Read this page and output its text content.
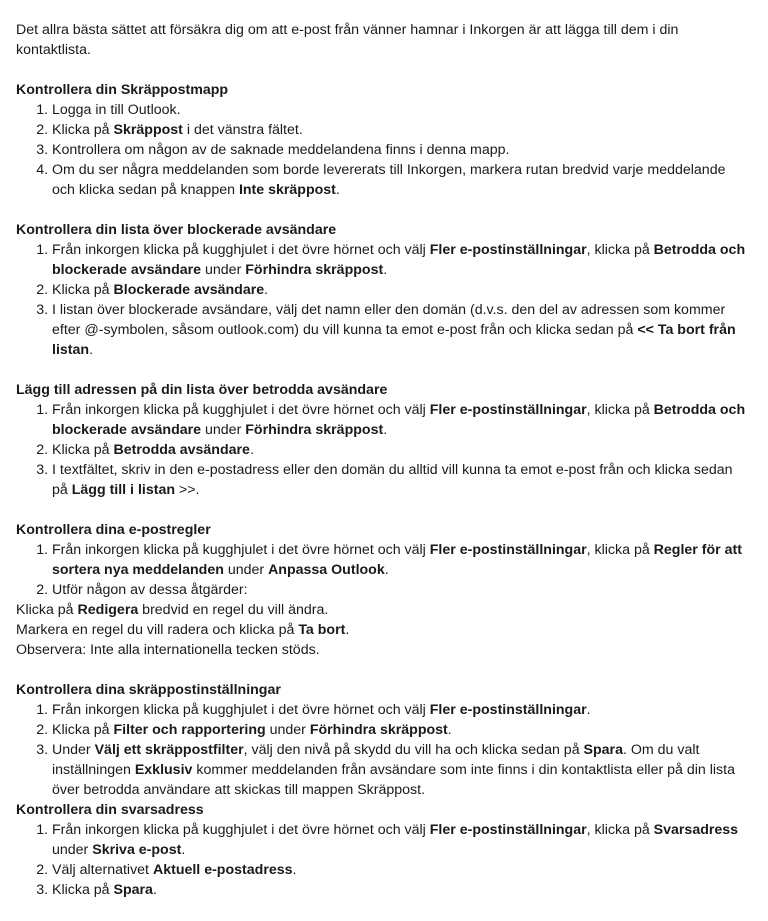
Det allra bästa sättet att försäkra dig om att e-post från vänner hamnar i Inkorgen är att lägga till dem i din kontaktlista.

Kontrollera din Skräppostmapp

1. Logga in till Outlook.
2. Klicka på Skräppost i det vänstra fältet.
3. Kontrollera om någon av de saknade meddelandena finns i denna mapp.
4. Om du ser några meddelanden som borde levererats till Inkorgen, markera rutan bredvid varje meddelande och klicka sedan på knappen Inte skräppost.

Kontrollera din lista över blockerade avsändare

1. Från inkorgen klicka på kugghjulet i det övre hörnet och välj Fler e-postinställningar, klicka på Betrodda och blockerade avsändare under Förhindra skräppost.
2. Klicka på Blockerade avsändare.
3. I listan över blockerade avsändare, välj det namn eller den domän (d.v.s. den del av adressen som kommer efter @-symbolen, såsom outlook.com) du vill kunna ta emot e-post från och klicka sedan på << Ta bort från listan.

Lägg till adressen på din lista över betrodda avsändare

1. Från inkorgen klicka på kugghjulet i det övre hörnet och välj Fler e-postinställningar, klicka på Betrodda och blockerade avsändare under Förhindra skräppost.
2. Klicka på Betrodda avsändare.
3. I textfältet, skriv in den e-postadress eller den domän du alltid vill kunna ta emot e-post från och klicka sedan på Lägg till i listan >>.

Kontrollera dina e-postregler

1. Från inkorgen klicka på kugghjulet i det övre hörnet och välj Fler e-postinställningar, klicka på Regler för att sortera nya meddelanden under Anpassa Outlook.
2. Utför någon av dessa åtgärder:

Klicka på Redigera bredvid en regel du vill ändra.

Markera en regel du vill radera och klicka på Ta bort.

Observera: Inte alla internationella tecken stöds.

Kontrollera dina skräppostinställningar

1. Från inkorgen klicka på kugghjulet i det övre hörnet och välj Fler e-postinställningar.
2. Klicka på Filter och rapportering under Förhindra skräppost.
3. Under Välj ett skräppostfilter, välj den nivå på skydd du vill ha och klicka sedan på Spara. Om du valt inställningen Exklusiv kommer meddelanden från avsändare som inte finns i din kontaktlista eller på din lista över betrodda användare att skickas till mappen Skräppost.

Kontrollera din svarsadress

1. Från inkorgen klicka på kugghjulet i det övre hörnet och välj Fler e-postinställningar, klicka på Svarsadress under Skriva e-post.
2. Välj alternativet Aktuell e-postadress.
3. Klicka på Spara.
